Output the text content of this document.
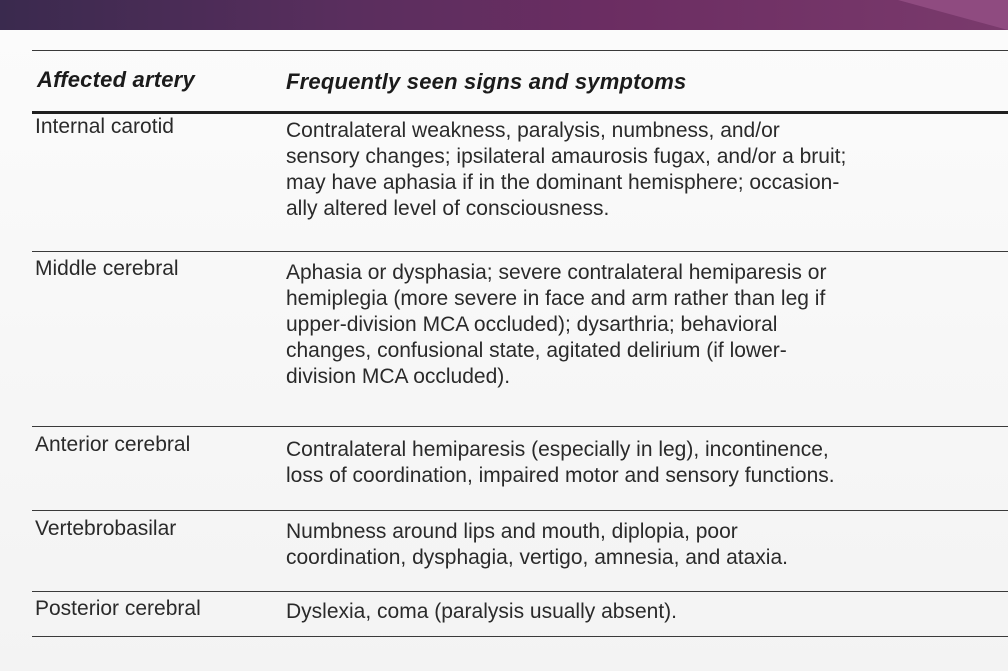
Affected artery	Frequently seen signs and symptoms
Internal carotid	Contralateral weakness, paralysis, numbness, and/or
sensory changes; ipsilateral amaurosis fugax, and/or a bruit;
may have aphasia if in the dominant hemisphere; occasion-
ally altered level of consciousness.
Middle cerebral	Aphasia or dysphasia; severe contralateral hemiparesis or
hemiplegia (more severe in face and arm rather than leg if
upper-division MCA occluded); dysarthria; behavioral
changes, confusional state, agitated delirium (if lower-
division MCA occluded).
Anterior cerebral	Contralateral hemiparesis (especially in leg), incontinence,
loss of coordination, impaired motor and sensory functions.
Vertebrobasilar	Numbness around lips and mouth, diplopia, poor
coordination, dysphagia, vertigo, amnesia, and ataxia.
Posterior cerebral	Dyslexia, coma (paralysis usually absent).
